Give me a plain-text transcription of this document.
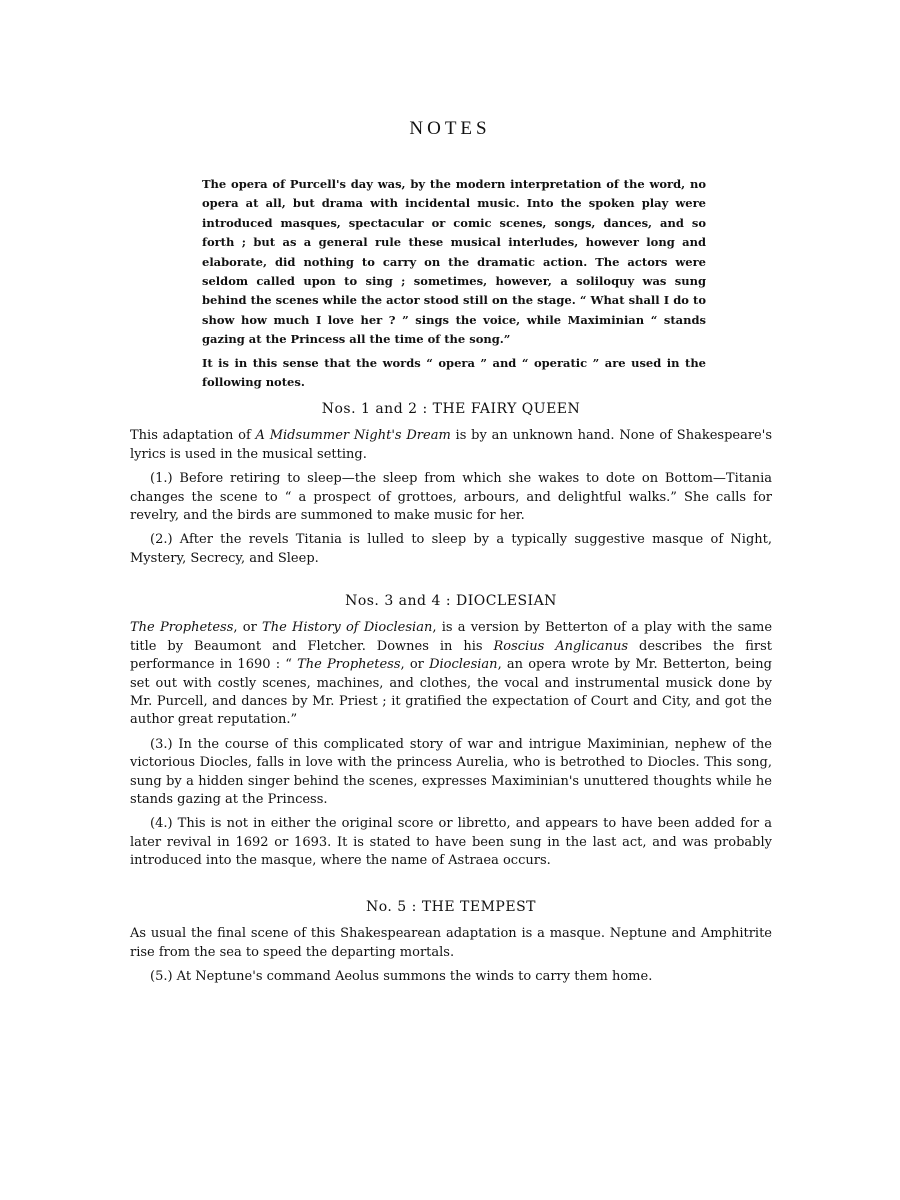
NOTES

The opera of Purcell's day was, by the modern interpretation of the word, no opera at all, but drama with incidental music. Into the spoken play were introduced masques, spectacular or comic scenes, songs, dances, and so forth ; but as a general rule these musical interludes, however long and elaborate, did nothing to carry on the dramatic action. The actors were seldom called upon to sing ; sometimes, however, a soliloquy was sung behind the scenes while the actor stood still on the stage. “ What shall I do to show how much I love her ? ” sings the voice, while Maximinian “ stands gazing at the Princess all the time of the song.”

It is in this sense that the words “ opera ” and “ operatic ” are used in the following notes.

Nos. 1 and 2 : THE FAIRY QUEEN

This adaptation of A Midsummer Night's Dream is by an unknown hand. None of Shakespeare's lyrics is used in the musical setting.

(1.) Before retiring to sleep—the sleep from which she wakes to dote on Bottom—Titania changes the scene to “ a prospect of grottoes, arbours, and delightful walks.” She calls for revelry, and the birds are summoned to make music for her.

(2.) After the revels Titania is lulled to sleep by a typically suggestive masque of Night, Mystery, Secrecy, and Sleep.

Nos. 3 and 4 : DIOCLESIAN

The Prophetess, or The History of Dioclesian, is a version by Betterton of a play with the same title by Beaumont and Fletcher. Downes in his Roscius Anglicanus describes the first performance in 1690 : “ The Prophetess, or Dioclesian, an opera wrote by Mr. Betterton, being set out with costly scenes, machines, and clothes, the vocal and instrumental musick done by Mr. Purcell, and dances by Mr. Priest ; it gratified the expectation of Court and City, and got the author great reputation.”

(3.) In the course of this complicated story of war and intrigue Maximinian, nephew of the victorious Diocles, falls in love with the princess Aurelia, who is betrothed to Diocles. This song, sung by a hidden singer behind the scenes, expresses Maximinian's unuttered thoughts while he stands gazing at the Princess.

(4.) This is not in either the original score or libretto, and appears to have been added for a later revival in 1692 or 1693. It is stated to have been sung in the last act, and was probably introduced into the masque, where the name of Astraea occurs.

No. 5 : THE TEMPEST

As usual the final scene of this Shakespearean adaptation is a masque. Neptune and Amphitrite rise from the sea to speed the departing mortals.

(5.) At Neptune's command Aeolus summons the winds to carry them home.
